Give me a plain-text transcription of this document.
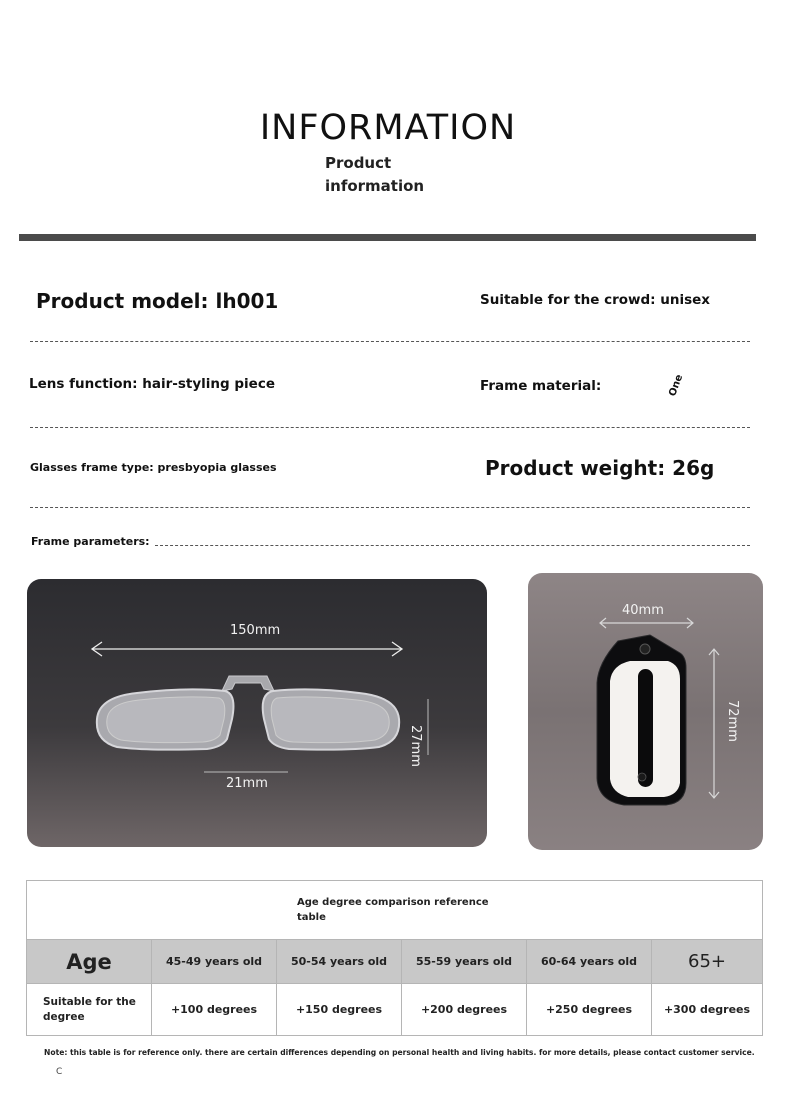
INFORMATION
Product
information
Product model: lh001	Suitable for the crowd: unisex
Lens function: hair-styling piece	Frame material:	One
Glasses frame type: presbyopia glasses	Product weight: 26g
Frame parameters:
150mm
21mm
27mm
40mm
72mm
Age degree comparison reference
table					

Age	45-49 years old	50-54 years old	55-59 years old	60-64 years old	65+
Suitable for the degree	+100 degrees	+150 degrees	+200 degrees	+250 degrees	+300 degrees
Note: this table is for reference only. there are certain differences depending on personal health and living habits. for more details, please contact customer service.
C
